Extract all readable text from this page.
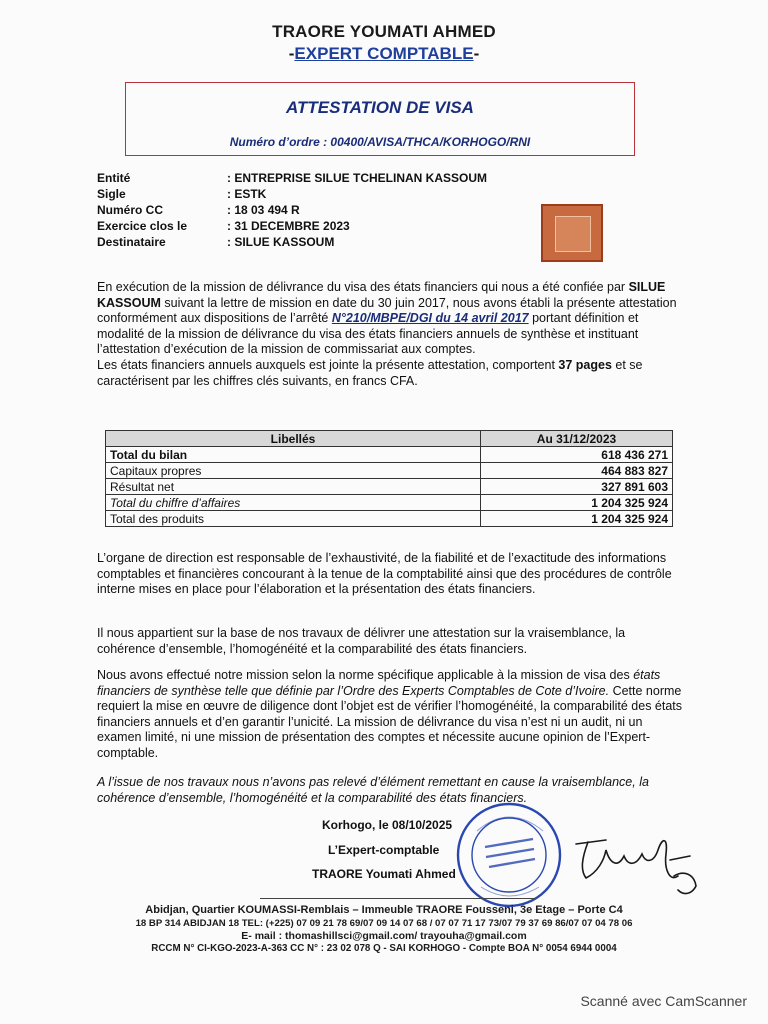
TRAORE YOUMATI AHMED
-EXPERT COMPTABLE-
ATTESTATION DE VISA
Numéro d’ordre : 00400/AVISA/THCA/KORHOGO/RNI
Entité	: ENTREPRISE SILUE TCHELINAN KASSOUM
Sigle	: ESTK
Numéro CC	: 18 03 494 R
Exercice clos le	: 31 DECEMBRE 2023
Destinataire	: SILUE KASSOUM
En exécution de la mission de délivrance du visa des états financiers qui nous a été confiée par SILUE KASSOUM suivant la lettre de mission en date du 30 juin 2017, nous avons établi la présente attestation conformément aux dispositions de l’arrêté N°210/MBPE/DGI du 14 avril 2017 portant définition et modalité de la mission de délivrance du visa des états financiers annuels de synthèse et instituant l’attestation d’exécution de la mission de commissariat aux comptes.
Les états financiers annuels auxquels est jointe la présente attestation, comportent 37 pages et se caractérisent par les chiffres clés suivants, en francs CFA.
Libellés	Au 31/12/2023
Total du bilan	618 436 271
Capitaux propres	464 883 827
Résultat net	327 891 603
Total du chiffre d’affaires	1 204 325 924
Total des produits	1 204 325 924
L’organe de direction est responsable de l’exhaustivité, de la fiabilité et de l’exactitude des informations comptables et financières concourant à la tenue de la comptabilité ainsi que des procédures de contrôle interne mises en place pour l’élaboration et la présentation des états financiers.
Il nous appartient sur la base de nos travaux de délivrer une attestation sur la vraisemblance, la cohérence d’ensemble, l’homogénéité et la comparabilité des états financiers.
Nous avons effectué notre mission selon la norme spécifique applicable à la mission de visa des états financiers de synthèse telle que définie par l’Ordre des Experts Comptables de Cote d’Ivoire. Cette norme requiert la mise en œuvre de diligence dont l’objet est de vérifier l’homogénéité, la comparabilité des états financiers annuels et d’en garantir l’unicité. La mission de délivrance du visa n’est ni un audit, ni un examen limité, ni une mission de présentation des comptes et nécessite aucune opinion de l’Expert-comptable.
A l’issue de nos travaux nous n’avons pas relevé d’élément remettant en cause la vraisemblance, la cohérence d’ensemble, l’homogénéité et la comparabilité des états financiers.
Korhogo, le 08/10/2025
L’Expert-comptable
TRAORE Youmati Ahmed
Abidjan, Quartier KOUMASSI-Remblais – Immeuble TRAORE Fousseni, 3e Etage – Porte C4
18 BP 314 ABIDJAN 18 TEL: (+225) 07 09 21 78 69/07 09 14 07 68 / 07 07 71 17 73/07 79 37 69 86/07 07 04 78 06
E- mail : thomashillsci@gmail.com/ trayouha@gmail.com
RCCM N° CI-KGO-2023-A-363 CC N° : 23 02 078 Q - SAI KORHOGO - Compte BOA N° 0054 6944 0004
Scanné avec CamScanner
